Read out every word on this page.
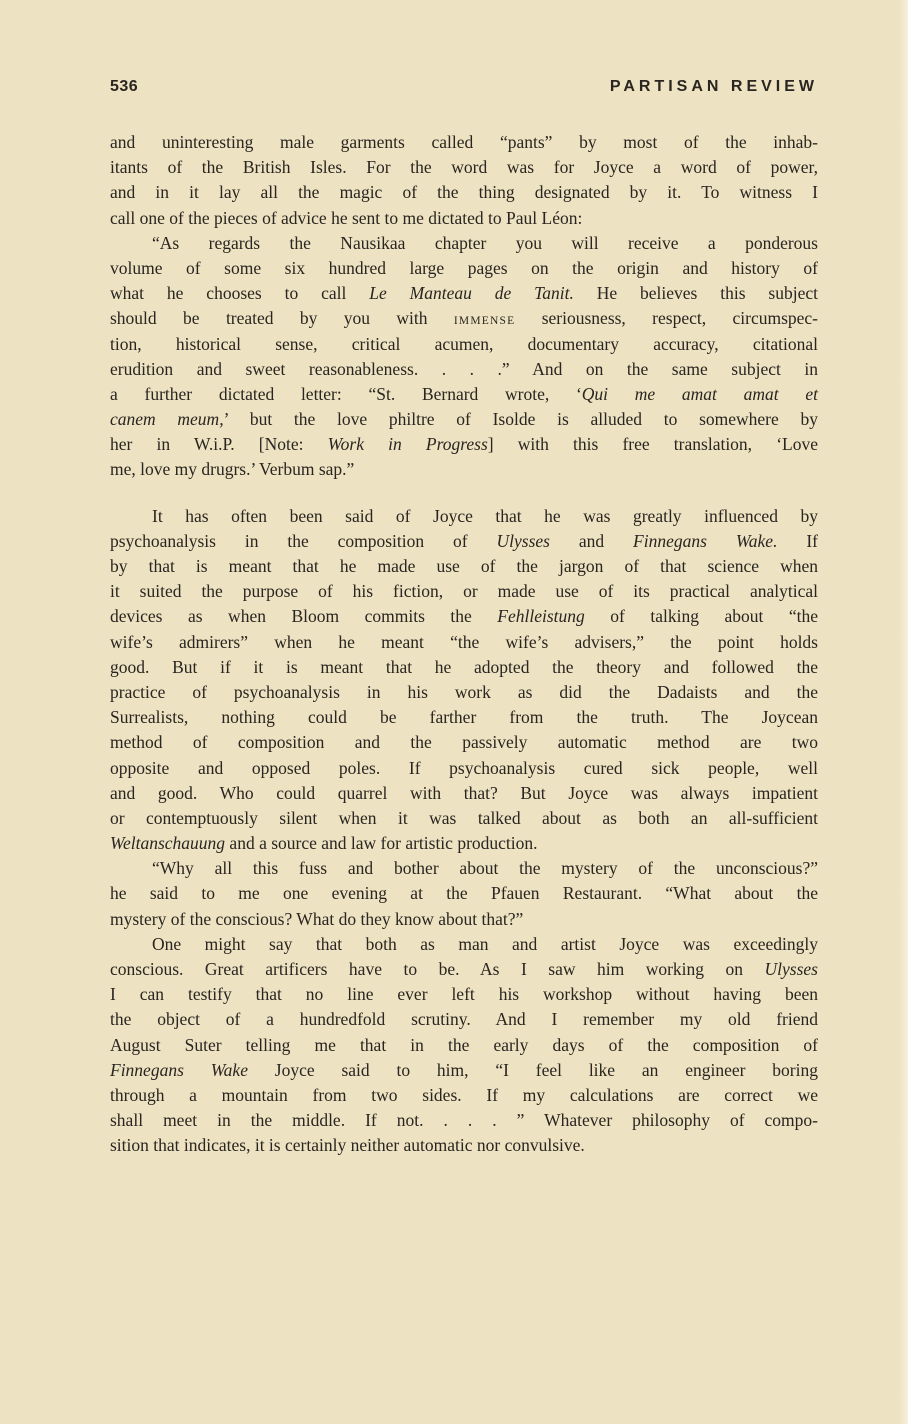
536	PARTISAN REVIEW
and uninteresting male garments called “pants” by most of the inhab-
itants of the British Isles. For the word was for Joyce a word of power,
and in it lay all the magic of the thing designated by it. To witness I
call one of the pieces of advice he sent to me dictated to Paul Léon:
“As regards the Nausikaa chapter you will receive a ponderous
volume of some six hundred large pages on the origin and history of
what he chooses to call Le Manteau de Tanit. He believes this subject
should be treated by you with IMMENSE seriousness, respect, circumspec-
tion, historical sense, critical acumen, documentary accuracy, citational
erudition and sweet reasonableness. . . .” And on the same subject in
a further dictated letter: “St. Bernard wrote, ‘Qui me amat amat et
canem meum,’ but the love philtre of Isolde is alluded to somewhere by
her in W.i.P. [Note: Work in Progress] with this free translation, ‘Love
me, love my drugrs.’ Verbum sap.”
It has often been said of Joyce that he was greatly influenced by
psychoanalysis in the composition of Ulysses and Finnegans Wake. If
by that is meant that he made use of the jargon of that science when
it suited the purpose of his fiction, or made use of its practical analytical
devices as when Bloom commits the Fehlleistung of talking about “the
wife’s admirers” when he meant “the wife’s advisers,” the point holds
good. But if it is meant that he adopted the theory and followed the
practice of psychoanalysis in his work as did the Dadaists and the
Surrealists, nothing could be farther from the truth. The Joycean
method of composition and the passively automatic method are two
opposite and opposed poles. If psychoanalysis cured sick people, well
and good. Who could quarrel with that? But Joyce was always impatient
or contemptuously silent when it was talked about as both an all-sufficient
Weltanschauung and a source and law for artistic production.
“Why all this fuss and bother about the mystery of the unconscious?”
he said to me one evening at the Pfauen Restaurant. “What about the
mystery of the conscious? What do they know about that?”
One might say that both as man and artist Joyce was exceedingly
conscious. Great artificers have to be. As I saw him working on Ulysses
I can testify that no line ever left his workshop without having been
the object of a hundredfold scrutiny. And I remember my old friend
August Suter telling me that in the early days of the composition of
Finnegans Wake Joyce said to him, “I feel like an engineer boring
through a mountain from two sides. If my calculations are correct we
shall meet in the middle. If not. . . . ” Whatever philosophy of compo-
sition that indicates, it is certainly neither automatic nor convulsive.
